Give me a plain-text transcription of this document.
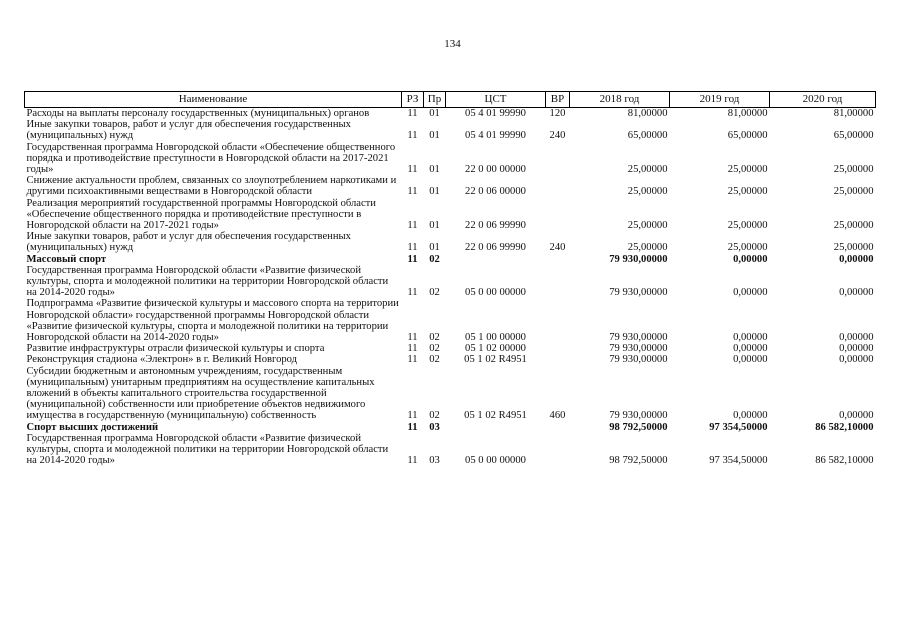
134
Наименование	РЗ	Пр	ЦСТ	ВР	2018 год	2019 год	2020 год
Расходы на выплаты персоналу государственных (муниципальных) органов	11	01	05 4 01 99990	120	81,00000	81,00000	81,00000
Иные закупки товаров, работ и услуг для обеспечения государственных (муниципальных) нужд	11	01	05 4 01 99990	240	65,00000	65,00000	65,00000
Государственная программа Новгородской области «Обеспечение общественного порядка и противодействие преступности в Новгородской области на 2017-2021 годы»	11	01	22 0 00 00000		25,00000	25,00000	25,00000
Снижение актуальности проблем, связанных со злоупотреблением наркотиками и другими психоактивными веществами в Новгородской области	11	01	22 0 06 00000		25,00000	25,00000	25,00000
Реализация мероприятий государственной программы Новгородской области «Обеспечение общественного порядка и противодействие преступности в Новгородской области на 2017-2021 годы»	11	01	22 0 06 99990		25,00000	25,00000	25,00000
Иные закупки товаров, работ и услуг для обеспечения государственных (муниципальных) нужд	11	01	22 0 06 99990	240	25,00000	25,00000	25,00000
Массовый спорт	11	02			79 930,00000	0,00000	0,00000
Государственная программа Новгородской области «Развитие физической культуры, спорта и молодежной политики на территории Новгородской области на 2014-2020 годы»	11	02	05 0 00 00000		79 930,00000	0,00000	0,00000
Подпрограмма «Развитие физической культуры и массового спорта на территории Новгородской области» государственной программы Новгородской области «Развитие физической культуры, спорта и молодежной политики на территории Новгородской области на 2014-2020 годы»	11	02	05 1 00 00000		79 930,00000	0,00000	0,00000
Развитие инфраструктуры отрасли физической культуры и спорта	11	02	05 1 02 00000		79 930,00000	0,00000	0,00000
Реконструкция стадиона «Электрон» в г. Великий Новгород	11	02	05 1 02 R4951		79 930,00000	0,00000	0,00000
Субсидии бюджетным и автономным учреждениям, государственным (муниципальным) унитарным предприятиям на осуществление капитальных вложений в объекты капитального строительства государственной (муниципальной) собственности или приобретение объектов недвижимого имущества в государственную (муниципальную) собственность	11	02	05 1 02 R4951	460	79 930,00000	0,00000	0,00000
Спорт высших достижений	11	03			98 792,50000	97 354,50000	86 582,10000
Государственная программа Новгородской области «Развитие физической культуры, спорта и молодежной политики на территории Новгородской области на 2014-2020 годы»	11	03	05 0 00 00000		98 792,50000	97 354,50000	86 582,10000
